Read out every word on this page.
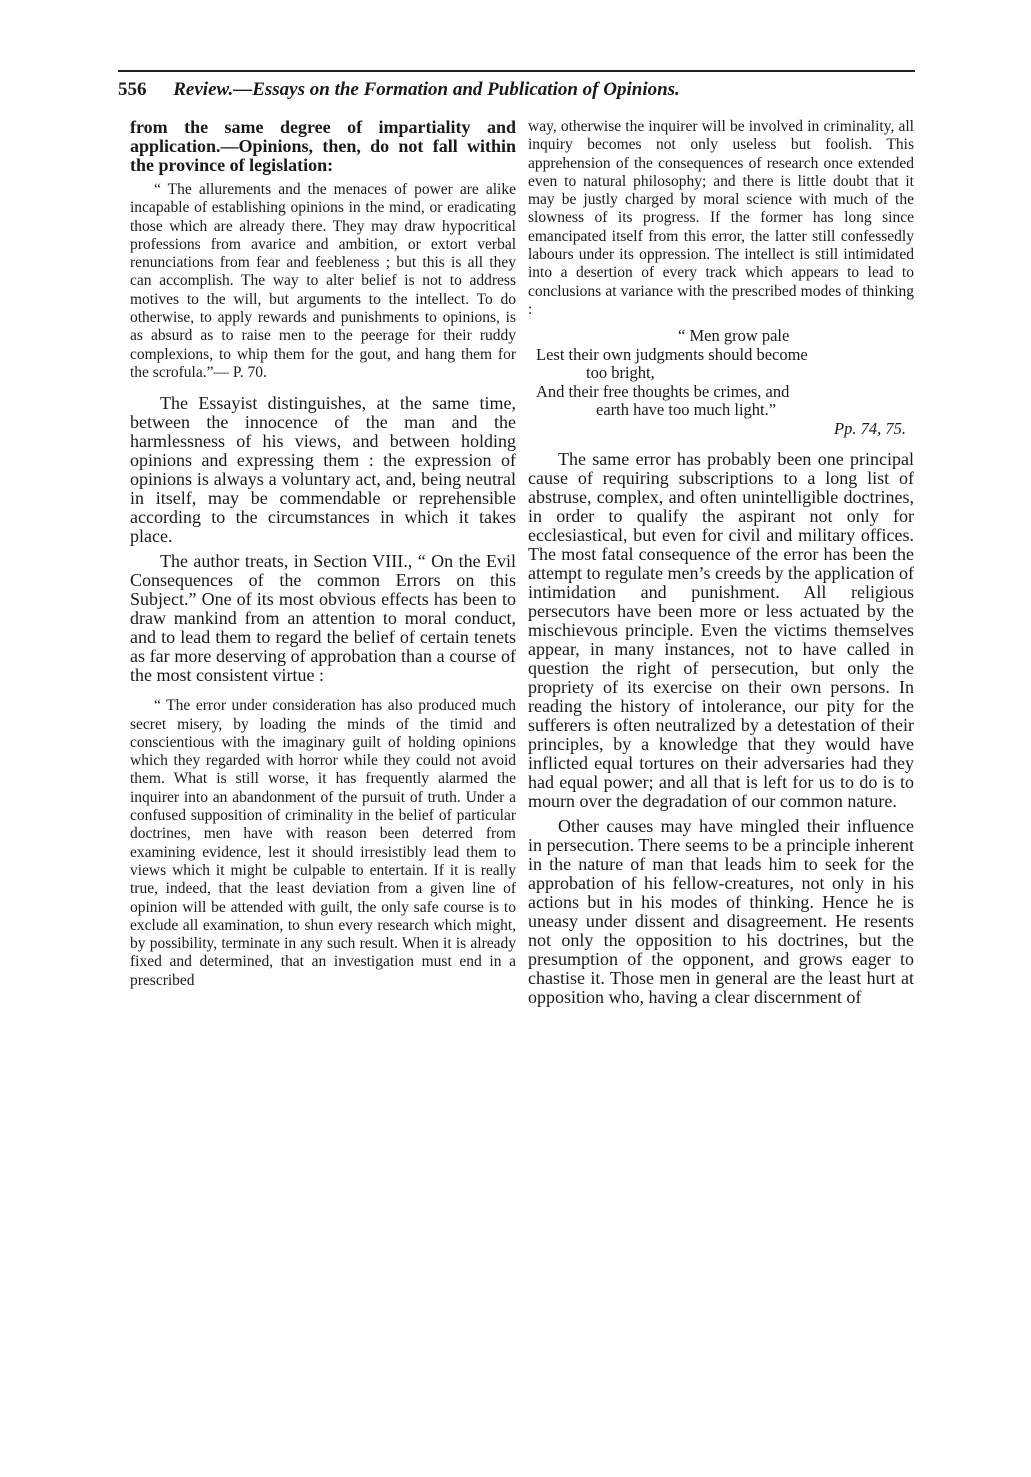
556 Review.—Essays on the Formation and Publication of Opinions.

from the same degree of impartiality and application.—Opinions, then, do not fall within the province of legislation:

“ The allurements and the menaces of power are alike incapable of establishing opinions in the mind, or eradicating those which are already there. They may draw hypocritical professions from avarice and ambition, or extort verbal renunciations from fear and feebleness ; but this is all they can accomplish. The way to alter belief is not to address motives to the will, but arguments to the intellect. To do otherwise, to apply rewards and punishments to opinions, is as absurd as to raise men to the peerage for their ruddy complexions, to whip them for the gout, and hang them for the scrofula.”— P. 70.

The Essayist distinguishes, at the same time, between the innocence of the man and the harmlessness of his views, and between holding opinions and expressing them : the expression of opinions is always a voluntary act, and, being neutral in itself, may be commendable or reprehensible according to the circumstances in which it takes place.

The author treats, in Section VIII., “ On the Evil Consequences of the common Errors on this Subject.” One of its most obvious effects has been to draw mankind from an attention to moral conduct, and to lead them to regard the belief of certain tenets as far more deserving of approbation than a course of the most consistent virtue :

“ The error under consideration has also produced much secret misery, by loading the minds of the timid and conscientious with the imaginary guilt of holding opinions which they regarded with horror while they could not avoid them. What is still worse, it has frequently alarmed the inquirer into an abandonment of the pursuit of truth. Under a confused supposition of criminality in the belief of particular doctrines, men have with reason been deterred from examining evidence, lest it should irresistibly lead them to views which it might be culpable to entertain. If it is really true, indeed, that the least deviation from a given line of opinion will be attended with guilt, the only safe course is to exclude all examination, to shun every research which might, by possibility, terminate in any such result. When it is already fixed and determined, that an investigation must end in a prescribed

way, otherwise the inquirer will be involved in criminality, all inquiry becomes not only useless but foolish. This apprehension of the consequences of research once extended even to natural philosophy; and there is little doubt that it may be justly charged by moral science with much of the slowness of its progress. If the former has long since emancipated itself from this error, the latter still confessedly labours under its oppression. The intellect is still intimidated into a desertion of every track which appears to lead to conclusions at variance with the prescribed modes of thinking :

“ Men grow pale
Lest their own judgments should become
too bright,
And their free thoughts be crimes, and
earth have too much light.”
Pp. 74, 75.

The same error has probably been one principal cause of requiring subscriptions to a long list of abstruse, complex, and often unintelligible doctrines, in order to qualify the aspirant not only for ecclesiastical, but even for civil and military offices. The most fatal consequence of the error has been the attempt to regulate men’s creeds by the application of intimidation and punishment. All religious persecutors have been more or less actuated by the mischievous principle. Even the victims themselves appear, in many instances, not to have called in question the right of persecution, but only the propriety of its exercise on their own persons. In reading the history of intolerance, our pity for the sufferers is often neutralized by a detestation of their principles, by a knowledge that they would have inflicted equal tortures on their adversaries had they had equal power; and all that is left for us to do is to mourn over the degradation of our common nature.

Other causes may have mingled their influence in persecution. There seems to be a principle inherent in the nature of man that leads him to seek for the approbation of his fellow-creatures, not only in his actions but in his modes of thinking. Hence he is uneasy under dissent and disagreement. He resents not only the opposition to his doctrines, but the presumption of the opponent, and grows eager to chastise it. Those men in general are the least hurt at opposition who, having a clear discernment of
